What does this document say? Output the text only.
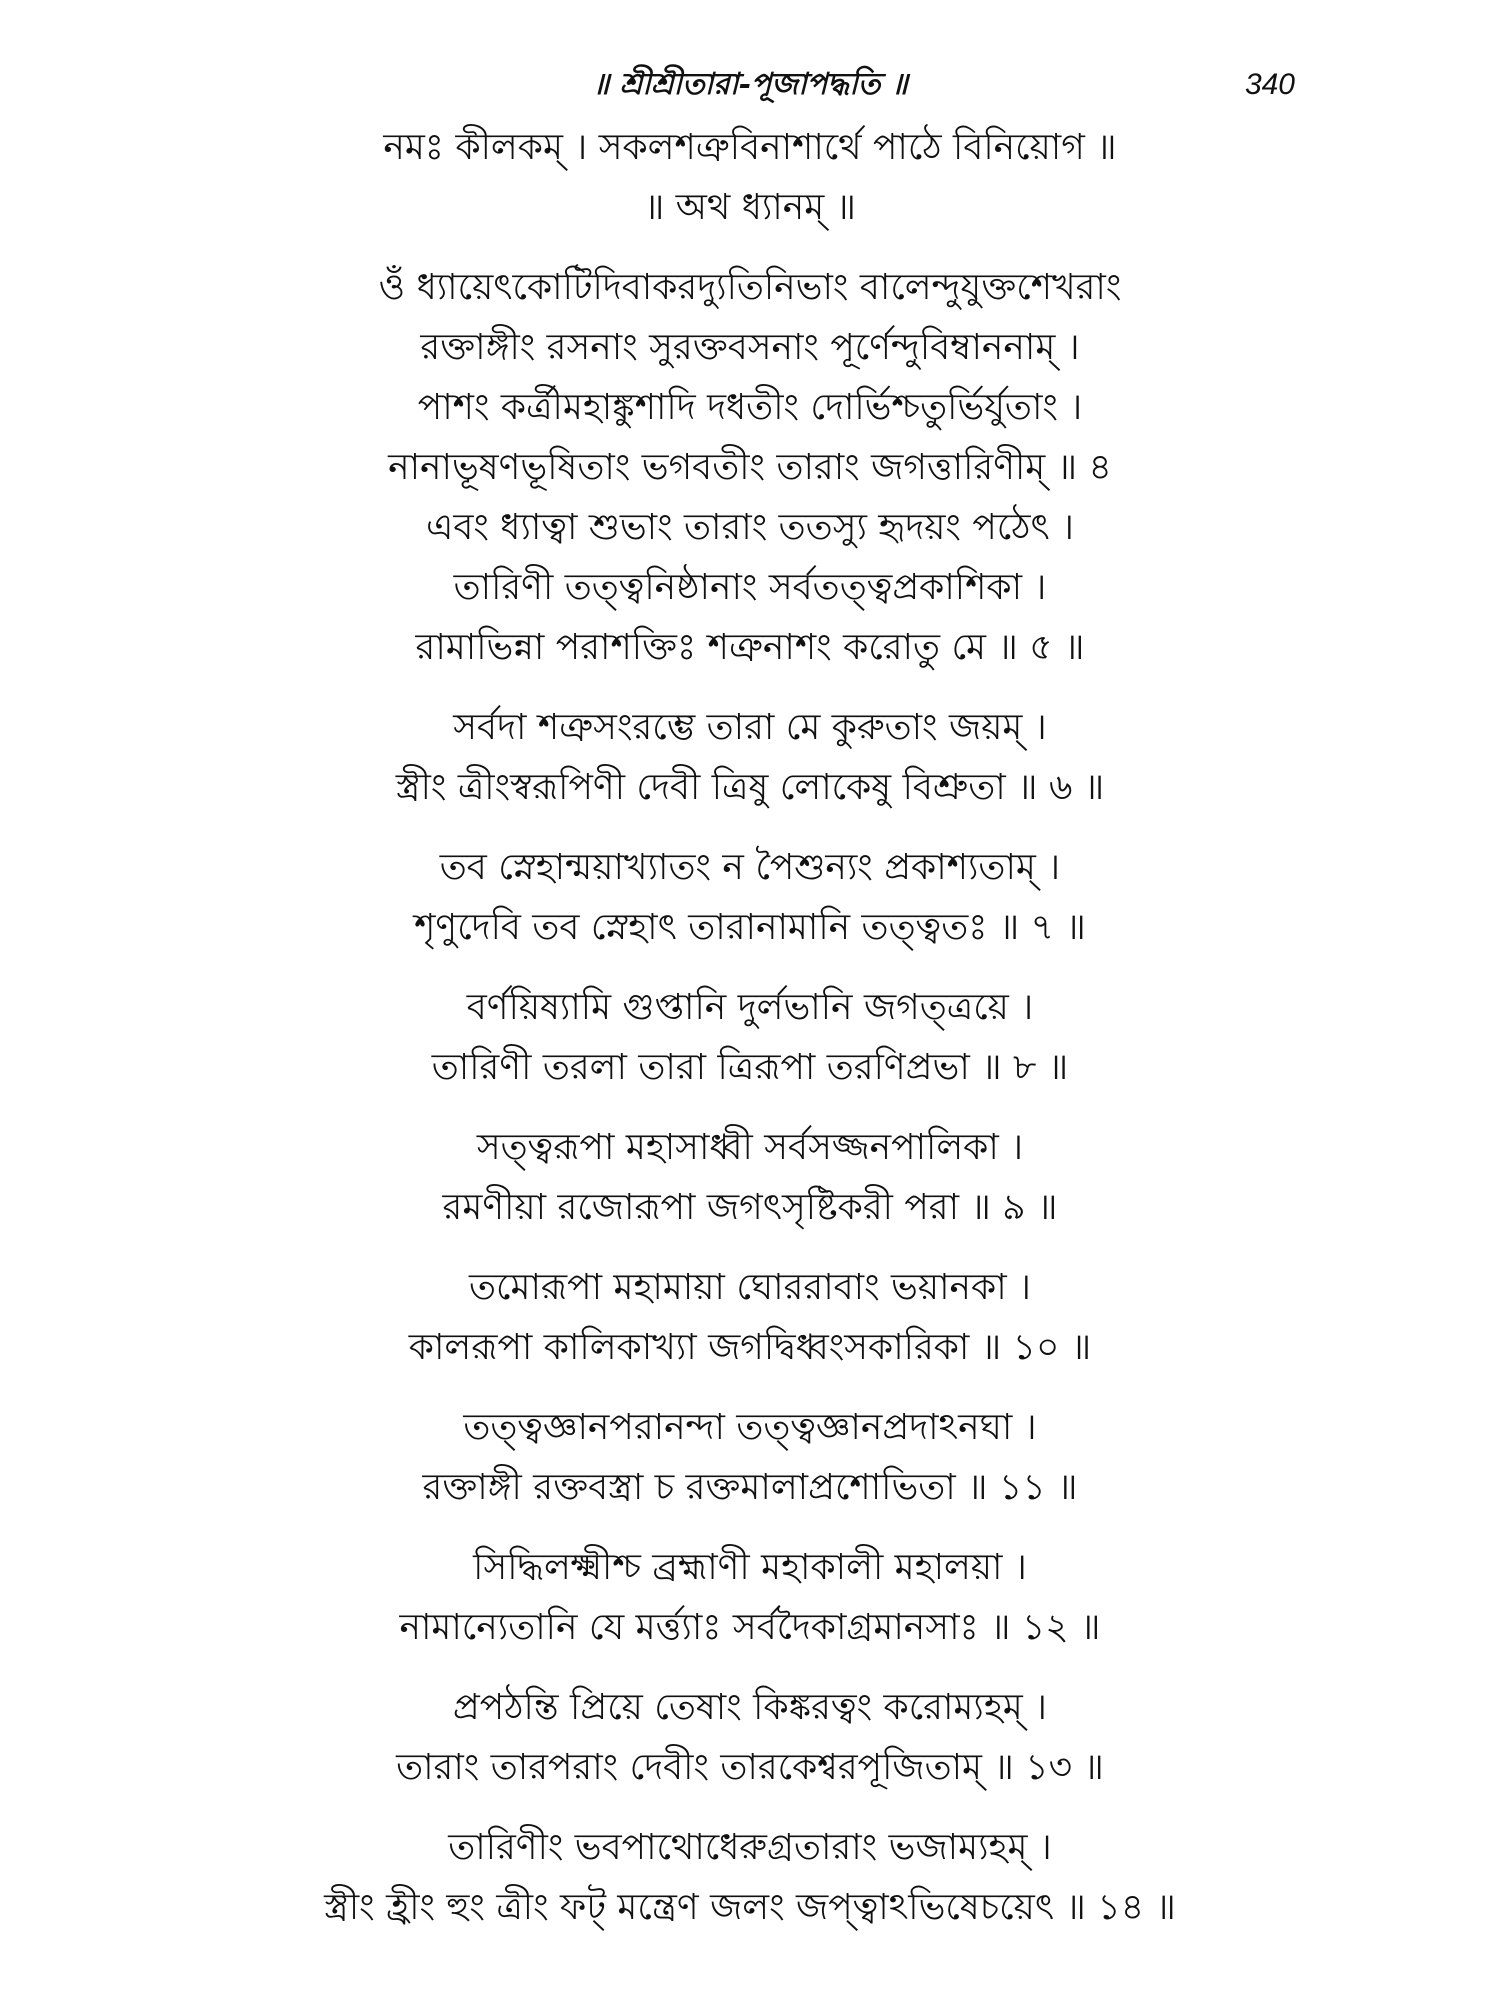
॥ শ্রীশ্রীতারা-পূজাপদ্ধতি ॥	340
নমঃ কীলকম্ । সকলশত্রুবিনাশার্থে পাঠে বিনিয়োগ ॥
॥ অথ ধ্যানম্ ॥
ওঁ ধ্যায়েৎকোটিদিবাকরদ্যুতিনিভাং বালেন্দুযুক্তশেখরাং
রক্তাঙ্গীং রসনাং সুরক্তবসনাং পূর্ণেন্দুবিম্বাননাম্ ।
পাশং কর্ত্রীমহাঙ্কুশাদি দধতীং দোর্ভিশ্চতুর্ভির্যুতাং ।
নানাভূষণভূষিতাং ভগবতীং তারাং জগত্তারিণীম্ ॥ ৪
এবং ধ্যাত্বা শুভাং তারাং ততস্যু হৃদয়ং পঠেৎ ।
তারিণী তত্ত্বনিষ্ঠানাং সর্বতত্ত্বপ্রকাশিকা ।
রামাভিন্না পরাশক্তিঃ শত্রুনাশং করোতু মে ॥ ৫ ॥
সর্বদা শত্রুসংরম্ভে তারা মে কুরুতাং জয়ম্ ।
স্ত্রীং ত্রীংস্বরূপিণী দেবী ত্রিষু লোকেষু বিশ্রুতা ॥ ৬ ॥
তব স্নেহান্ময়াখ্যাতং ন পৈশুন্যং প্রকাশ্যতাম্ ।
শৃণুদেবি তব স্নেহাৎ তারানামানি তত্ত্বতঃ ॥ ৭ ॥
বর্ণয়িষ্যামি গুপ্তানি দুর্লভানি জগত্ত্রয়ে ।
তারিণী তরলা তারা ত্রিরূপা তরণিপ্রভা ॥ ৮ ॥
সত্ত্বরূপা মহাসাধ্বী সর্বসজ্জনপালিকা ।
রমণীয়া রজোরূপা জগৎসৃষ্টিকরী পরা ॥ ৯ ॥
তমোরূপা মহামায়া ঘোররাবাং ভয়ানকা ।
কালরূপা কালিকাখ্যা জগদ্বিধ্বংসকারিকা ॥ ১০ ॥
তত্ত্বজ্ঞানপরানন্দা তত্ত্বজ্ঞানপ্রদাঽনঘা ।
রক্তাঙ্গী রক্তবস্ত্রা চ রক্তমালাপ্রশোভিতা ॥ ১১ ॥
সিদ্ধিলক্ষ্মীশ্চ ব্রহ্মাণী মহাকালী মহালয়া ।
নামান্যেতানি যে মর্ত্ত্যাঃ সর্বদৈকাগ্রমানসাঃ ॥ ১২ ॥
প্রপঠন্তি প্রিয়ে তেষাং কিঙ্করত্বং করোম্যহম্ ।
তারাং তারপরাং দেবীং তারকেশ্বরপূজিতাম্ ॥ ১৩ ॥
তারিণীং ভবপাথোধেরুগ্রতারাং ভজাম্যহম্ ।
স্ত্রীং হ্রীং হুং ত্রীং ফট্ মন্ত্রেণ জলং জপ্ত্বাঽভিষেচয়েৎ ॥ ১৪ ॥
